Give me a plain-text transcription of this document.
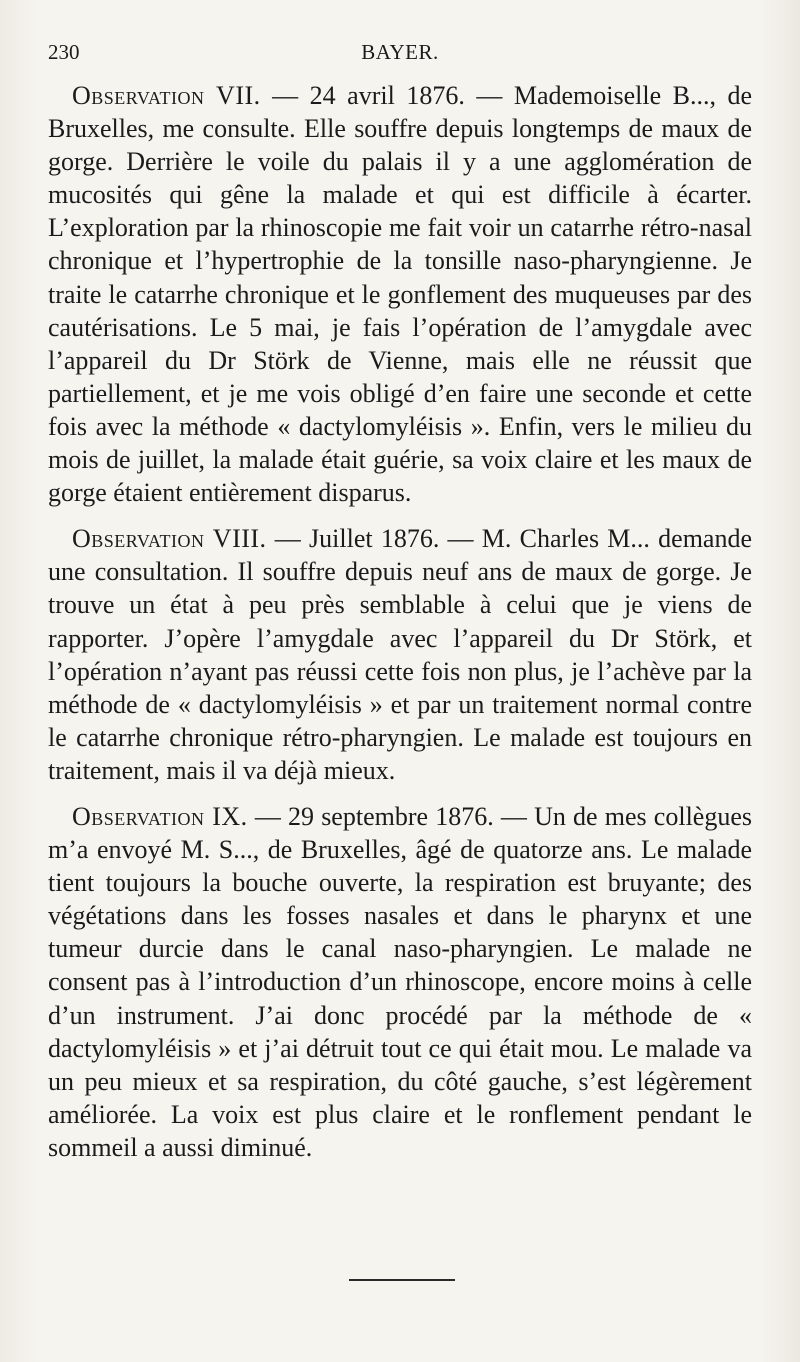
230	BAYER.

Observation VII. — 24 avril 1876. — Mademoiselle B..., de Bruxelles, me consulte. Elle souffre depuis longtemps de maux de gorge. Derrière le voile du palais il y a une agglomération de mucosités qui gêne la malade et qui est difficile à écarter. L’exploration par la rhinoscopie me fait voir un catarrhe rétro-nasal chronique et l’hypertrophie de la tonsille naso-pharyngienne. Je traite le catarrhe chronique et le gonflement des muqueuses par des cautérisations. Le 5 mai, je fais l’opération de l’amygdale avec l’appareil du Dr Störk de Vienne, mais elle ne réussit que partiellement, et je me vois obligé d’en faire une seconde et cette fois avec la méthode « dactylomyléisis ». Enfin, vers le milieu du mois de juillet, la malade était guérie, sa voix claire et les maux de gorge étaient entièrement disparus.

Observation VIII. — Juillet 1876. — M. Charles M... demande une consultation. Il souffre depuis neuf ans de maux de gorge. Je trouve un état à peu près semblable à celui que je viens de rapporter. J’opère l’amygdale avec l’appareil du Dr Störk, et l’opération n’ayant pas réussi cette fois non plus, je l’achève par la méthode de « dactylomyléisis » et par un traitement normal contre le catarrhe chronique rétro-pharyngien. Le malade est toujours en traitement, mais il va déjà mieux.

Observation IX. — 29 septembre 1876. — Un de mes collègues m’a envoyé M. S..., de Bruxelles, âgé de quatorze ans. Le malade tient toujours la bouche ouverte, la respiration est bruyante; des végétations dans les fosses nasales et dans le pharynx et une tumeur durcie dans le canal naso-pharyngien. Le malade ne consent pas à l’introduction d’un rhinoscope, encore moins à celle d’un instrument. J’ai donc procédé par la méthode de « dactylomyléisis » et j’ai détruit tout ce qui était mou. Le malade va un peu mieux et sa respiration, du côté gauche, s’est légèrement améliorée. La voix est plus claire et le ronflement pendant le sommeil a aussi diminué.
